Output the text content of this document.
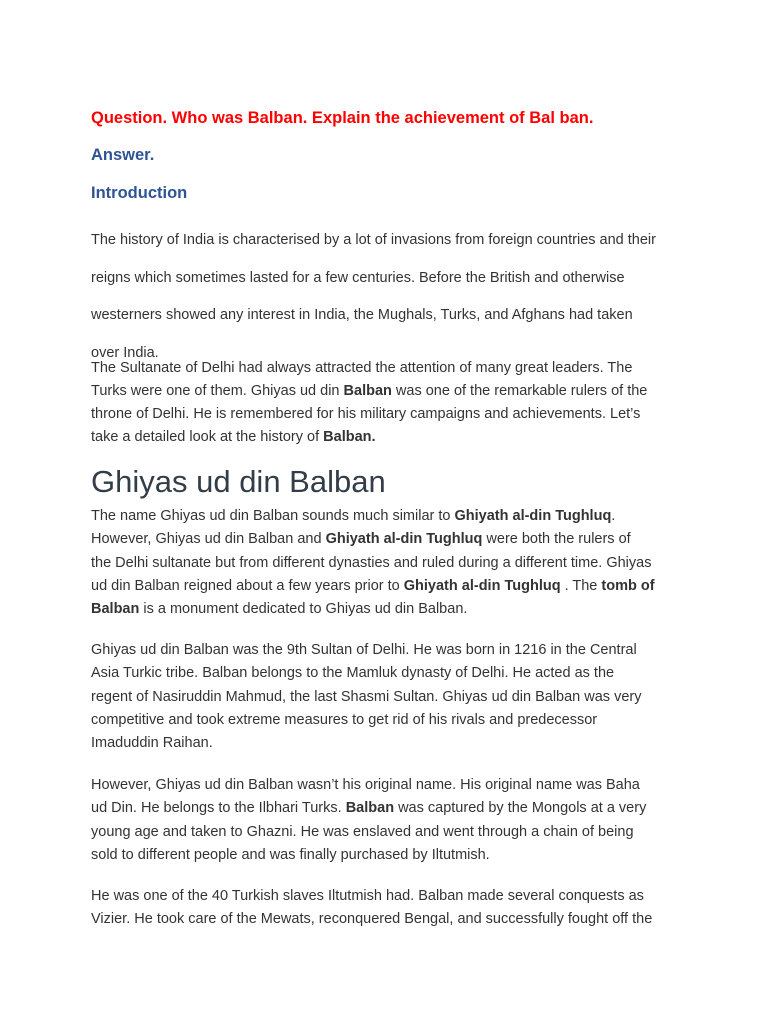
Question. Who was Balban. Explain the achievement of Bal ban.

Answer.

Introduction

The history of India is characterised by a lot of invasions from foreign countries and their
reigns which sometimes lasted for a few centuries. Before the British and otherwise
westerners showed any interest in India, the Mughals, Turks, and Afghans had taken
over India.

The Sultanate of Delhi had always attracted the attention of many great leaders. The
Turks were one of them. Ghiyas ud din Balban was one of the remarkable rulers of the
throne of Delhi. He is remembered for his military campaigns and achievements. Let’s
take a detailed look at the history of Balban.

Ghiyas ud din Balban

The name Ghiyas ud din Balban sounds much similar to Ghiyath al-din Tughluq.
However, Ghiyas ud din Balban and Ghiyath al-din Tughluq were both the rulers of
the Delhi sultanate but from different dynasties and ruled during a different time. Ghiyas
ud din Balban reigned about a few years prior to Ghiyath al-din Tughluq . The tomb of
Balban is a monument dedicated to Ghiyas ud din Balban.

Ghiyas ud din Balban was the 9th Sultan of Delhi. He was born in 1216 in the Central
Asia Turkic tribe. Balban belongs to the Mamluk dynasty of Delhi. He acted as the
regent of Nasiruddin Mahmud, the last Shasmi Sultan. Ghiyas ud din Balban was very
competitive and took extreme measures to get rid of his rivals and predecessor
Imaduddin Raihan.

However, Ghiyas ud din Balban wasn’t his original name. His original name was Baha
ud Din. He belongs to the Ilbhari Turks. Balban was captured by the Mongols at a very
young age and taken to Ghazni. He was enslaved and went through a chain of being
sold to different people and was finally purchased by Iltutmish.

He was one of the 40 Turkish slaves Iltutmish had. Balban made several conquests as
Vizier. He took care of the Mewats, reconquered Bengal, and successfully fought off the
